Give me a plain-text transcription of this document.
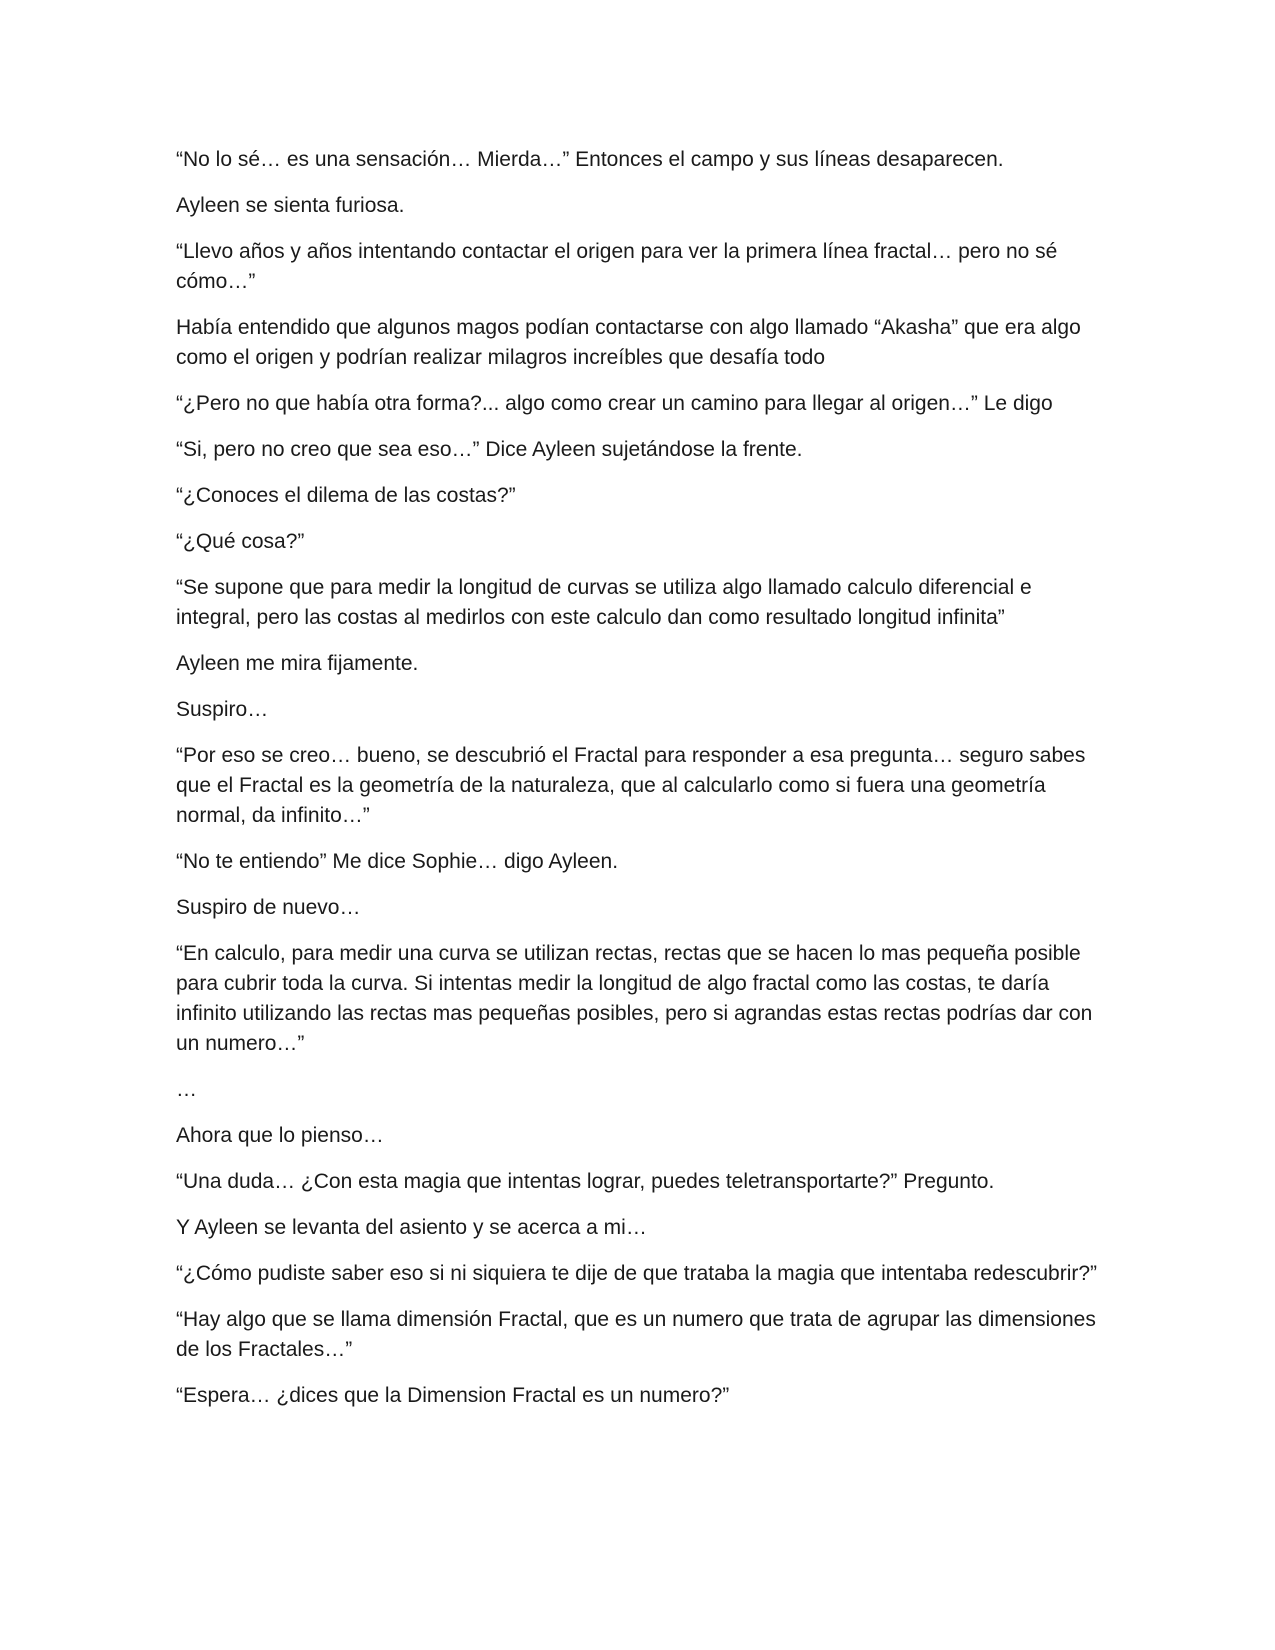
“No lo sé… es una sensación… Mierda…” Entonces el campo y sus líneas desaparecen.

Ayleen se sienta furiosa.

“Llevo años y años intentando contactar el origen para ver la primera línea fractal… pero no sé cómo…”

Había entendido que algunos magos podían contactarse con algo llamado “Akasha” que era algo como el origen y podrían realizar milagros increíbles que desafía todo

“¿Pero no que había otra forma?... algo como crear un camino para llegar al origen…” Le digo

“Si, pero no creo que sea eso…” Dice Ayleen sujetándose la frente.

“¿Conoces el dilema de las costas?”

“¿Qué cosa?”

“Se supone que para medir la longitud de curvas se utiliza algo llamado calculo diferencial e integral, pero las costas al medirlos con este calculo dan como resultado longitud infinita”

Ayleen me mira fijamente.

Suspiro…

“Por eso se creo… bueno, se descubrió el Fractal para responder a esa pregunta… seguro sabes que el Fractal es la geometría de la naturaleza, que al calcularlo como si fuera una geometría normal, da infinito…”

“No te entiendo” Me dice Sophie… digo Ayleen.

Suspiro de nuevo…

“En calculo, para medir una curva se utilizan rectas, rectas que se hacen lo mas pequeña posible para cubrir toda la curva. Si intentas medir la longitud de algo fractal como las costas, te daría infinito utilizando las rectas mas pequeñas posibles, pero si agrandas estas rectas podrías dar con un numero…”

…

Ahora que lo pienso…

“Una duda… ¿Con esta magia que intentas lograr, puedes teletransportarte?” Pregunto.

Y Ayleen se levanta del asiento y se acerca a mi…

“¿Cómo pudiste saber eso si ni siquiera te dije de que trataba la magia que intentaba redescubrir?”

“Hay algo que se llama dimensión Fractal, que es un numero que trata de agrupar las dimensiones de los Fractales…”

“Espera… ¿dices que la Dimension Fractal es un numero?”
